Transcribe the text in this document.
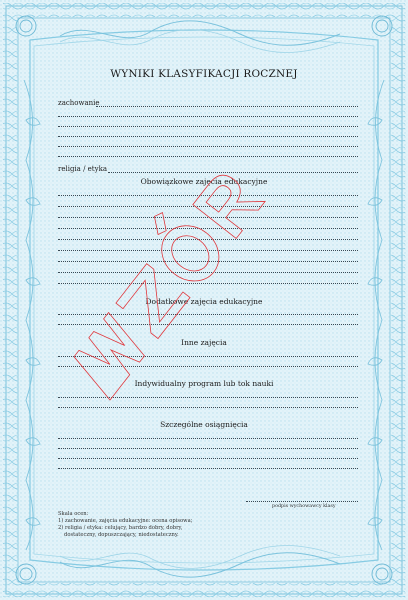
WYNIKI KLASYFIKACJI ROCZNEJ
zachowanie
religia / etyka
Obowiązkowe zajęcia edukacyjne
Dodatkowe zajęcia edukacyjne
Inne zajęcia
Indywidualny program lub tok nauki
Szczególne osiągnięcia
podpis wychowawcy klasy
Skala ocen:
1) zachowanie, zajęcia edukacyjne: ocena opisowa;
2) religia / etyka: celujący, bardzo dobry, dobry,
dostateczny, dopuszczający, niedostateczny.
